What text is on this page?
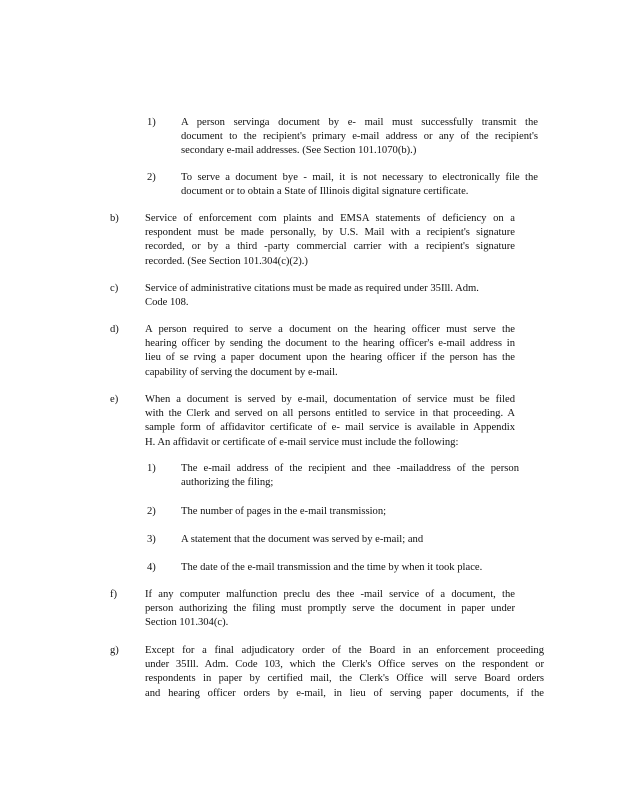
1) A person servinga document by e- mail must successfully transmit the
document to the recipient's primary e-mail address or any of the recipient's
secondary e-mail addresses. (See Section 101.1070(b).)
2) To serve a document bye - mail, it is not necessary to electronically file the
document or to obtain a State of Illinois digital signature certificate.
b) Service of enforcement com plaints and EMSA statements of deficiency on a
respondent must be made personally, by U.S. Mail with a recipient's signature
recorded, or by a third -party commercial carrier with a recipient's signature
recorded. (See Section 101.304(c)(2).)
c)	Service of administrative citations must be made as required under 35Ill. Adm.
Code 108.
d) A person required to serve a document on the hearing officer must serve the
hearing officer by sending the document to the hearing officer's e-mail address in
lieu of se rving a paper document upon the hearing officer if the person has the
capability of serving the document by e-mail.
e)	When a document is served by e-mail, documentation of service must be filed
with the Clerk and served on all persons entitled to service in that proceeding. A
sample form of affidavitor certificate of e- mail service is available in Appendix
H. An affidavit or certificate of e-mail service must include the following:
1) The e-mail address of the recipient and thee -mailaddress of the person
authorizing the filing;
2) The number of pages in the e-mail transmission;
3) A statement that the document was served by e-mail; and
4) The date of the e-mail transmission and the time by when it took place.
f)	If any computer malfunction preclu des thee -mail service of a document, the
person authorizing the filing must promptly serve the document in paper under
Section 101.304(c).
g) Except for a final adjudicatory order of the Board in an enforcement proceeding
under 35Ill. Adm. Code 103, which the Clerk's Office serves on the respondent or
respondents in paper by certified mail, the Clerk's Office will serve Board orders
and hearing officer orders by e-mail, in lieu of serving paper documents, if the
